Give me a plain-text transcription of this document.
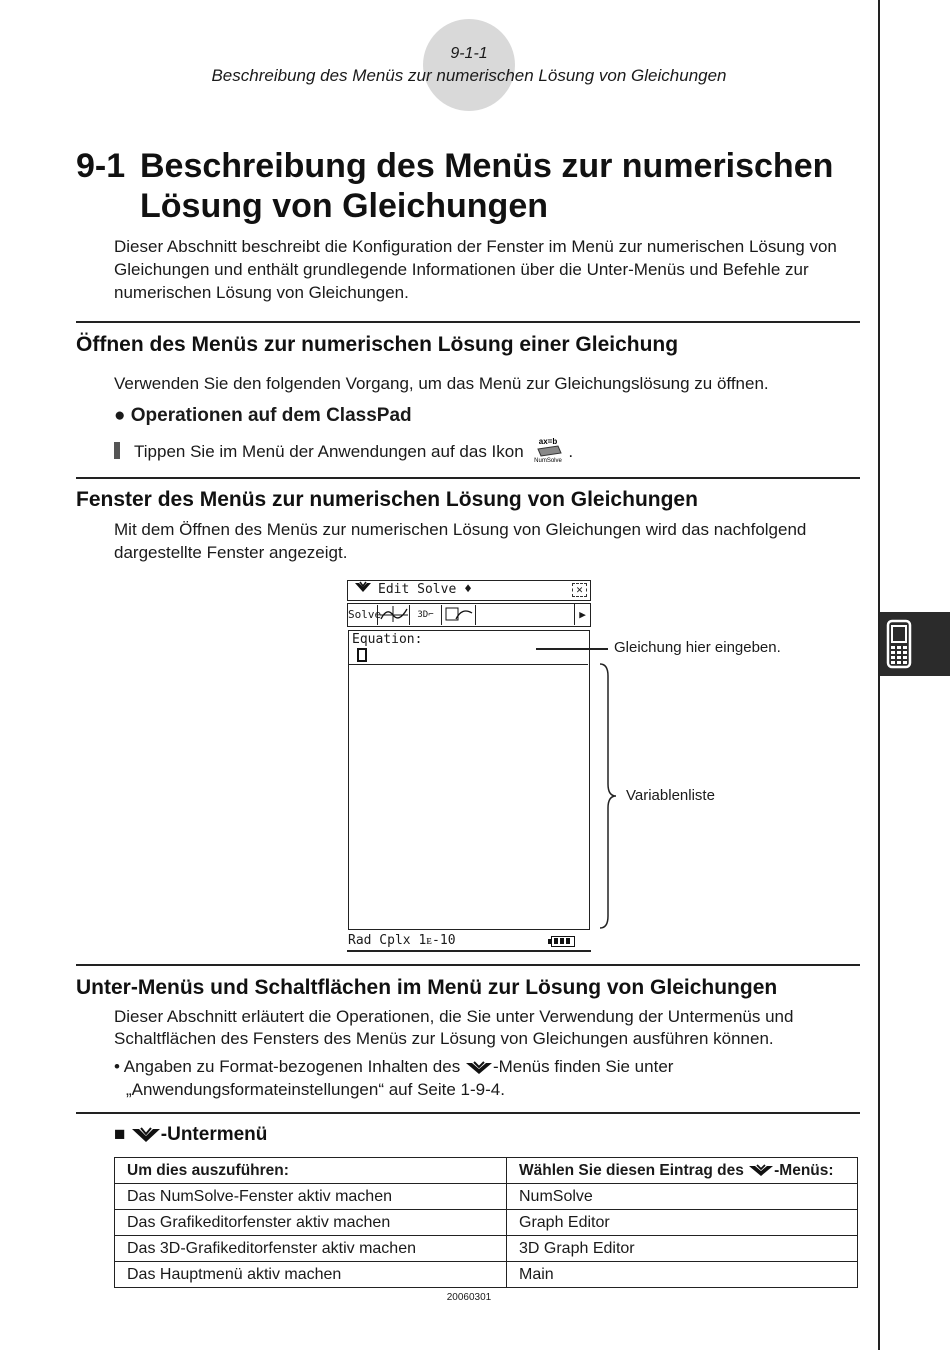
9-1-1
Beschreibung des Menüs zur numerischen Lösung von Gleichungen
9-1 Beschreibung des Menüs zur numerischen
Lösung von Gleichungen
Dieser Abschnitt beschreibt die Konfiguration der Fenster im Menü zur numerischen Lösung von Gleichungen und enthält grundlegende Informationen über die Unter-Menüs und Befehle zur numerischen Lösung von Gleichungen.
Öffnen des Menüs zur numerischen Lösung einer Gleichung
Verwenden Sie den folgenden Vorgang, um das Menü zur Gleichungslösung zu öffnen.
● Operationen auf dem ClassPad
Tippen Sie im Menü der Anwendungen auf das Ikon
ax=b
NumSolve
.
Fenster des Menüs zur numerischen Lösung von Gleichungen
Mit dem Öffnen des Menüs zur numerischen Lösung von Gleichungen wird das nachfolgend dargestellte Fenster angezeigt.
Edit Solve ♦	✕
Solve	3D⌐	▶
Equation:
Rad Cplx 1ᴇ-10
Gleichung hier eingeben.
Variablenliste
Unter-Menüs und Schaltflächen im Menü zur Lösung von Gleichungen
Dieser Abschnitt erläutert die Operationen, die Sie unter Verwendung der Untermenüs und Schaltflächen des Fensters des Menüs zur Lösung von Gleichungen ausführen können.
• Angaben zu Format-bezogenen Inhalten des -Menüs finden Sie unter
„Anwendungsformateinstellungen“ auf Seite 1-9-4.
■ -Untermenü
Um dies auszuführen:	Wählen Sie diesen Eintrag des -Menüs:
Das NumSolve-Fenster aktiv machen	NumSolve
Das Grafikeditorfenster aktiv machen	Graph Editor
Das 3D-Grafikeditorfenster aktiv machen	3D Graph Editor
Das Hauptmenü aktiv machen	Main
20060301
